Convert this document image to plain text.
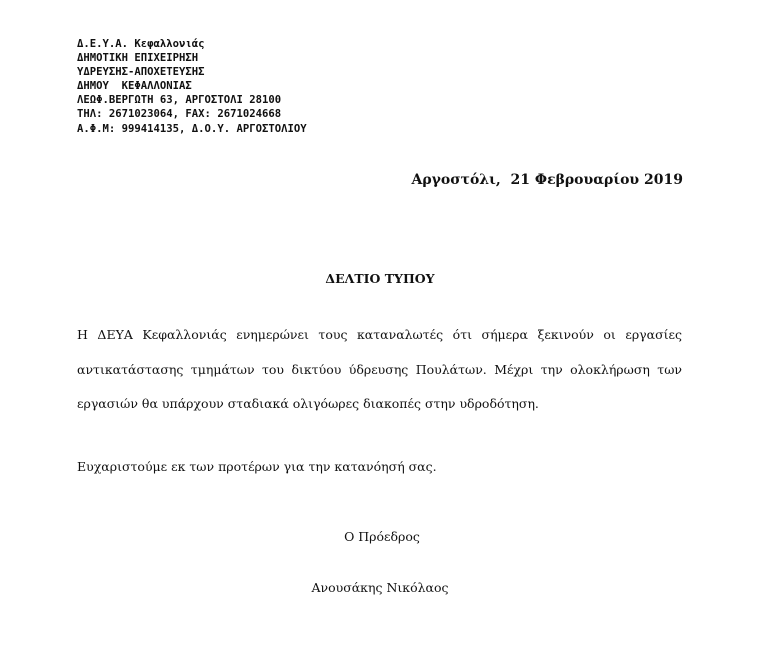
Δ.Ε.Υ.Α. Κεφαλλονιάς
ΔΗΜΟΤΙΚΗ ΕΠΙΧΕΙΡΗΣΗ
ΥΔΡΕΥΣΗΣ-ΑΠΟΧΕΤΕΥΣΗΣ
ΔΗΜΟΥ  ΚΕΦΑΛΛΟΝΙΑΣ
ΛΕΩΦ.ΒΕΡΓΩΤΗ 63, ΑΡΓΟΣΤΟΛΙ 28100
ΤΗΛ: 2671023064, FAX: 2671024668
Α.Φ.Μ: 999414135, Δ.Ο.Υ. ΑΡΓΟΣΤΟΛΙΟΥ
Αργοστόλι,  21 Φεβρουαρίου 2019
ΔΕΛΤΙΟ ΤΥΠΟΥ
Η ΔΕΥΑ Κεφαλλονιάς ενημερώνει τους καταναλωτές ότι σήμερα ξεκινούν οι εργασίες αντικατάστασης τμημάτων του δικτύου ύδρευσης Πουλάτων. Μέχρι την ολοκλήρωση των εργασιών θα υπάρχουν σταδιακά ολιγόωρες διακοπές στην υδροδότηση.
Ευχαριστούμε εκ των προτέρων για την κατανόησή σας.
Ο Πρόεδρος
Ανουσάκης Νικόλαος
